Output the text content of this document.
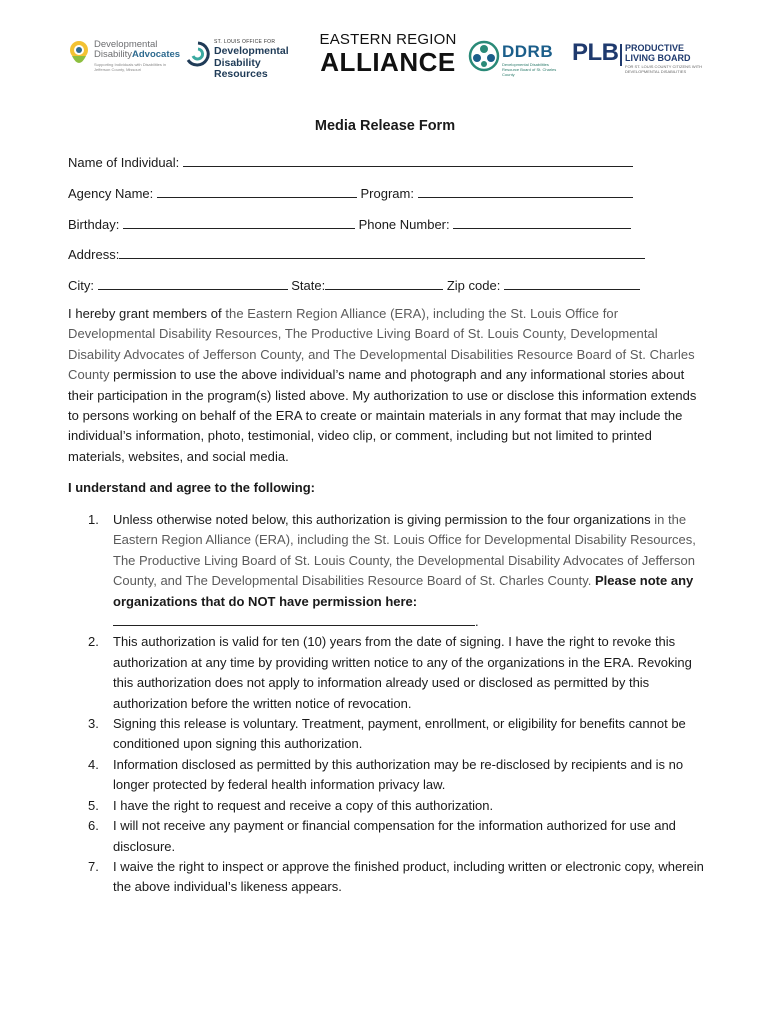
Developmental
DisabilityAdvocates
Supporting Individuals with Disabilities in Jefferson County, Missouri
ST. LOUIS OFFICE FOR
Developmental
Disability Resources
EASTERN REGION
ALLIANCE	DDRB
Developmental Disabilities Resource Board of St. Charles County
PLB PRODUCTIVE
LIVING BOARD
FOR ST. LOUIS COUNTY CITIZENS WITH DEVELOPMENTAL DISABILITIES
Media Release Form
Name of Individual:
Agency Name:	Program:
Birthday:	Phone Number:
Address:
City:	State:	Zip code:
I hereby grant members of the Eastern Region Alliance (ERA), including the St. Louis Office for Developmental Disability Resources, The Productive Living Board of St. Louis County, Developmental Disability Advocates of Jefferson County, and The Developmental Disabilities Resource Board of St. Charles County permission to use the above individual’s name and photograph and any informational stories about their participation in the program(s) listed above. My authorization to use or disclose this information extends to persons working on behalf of the ERA to create or maintain materials in any format that may include the individual’s information, photo, testimonial, video clip, or comment, including but not limited to printed materials, websites, and social media.
I understand and agree to the following:
1. Unless otherwise noted below, this authorization is giving permission to the four organizations in the Eastern Region Alliance (ERA), including the St. Louis Office for Developmental Disability Resources, The Productive Living Board of St. Louis County, the Developmental Disability Advocates of Jefferson County, and The Developmental Disabilities Resource Board of St. Charles County. Please note any organizations that do NOT have permission here:
.
2. This authorization is valid for ten (10) years from the date of signing. I have the right to revoke this authorization at any time by providing written notice to any of the organizations in the ERA. Revoking this authorization does not apply to information already used or disclosed as permitted by this authorization before the written notice of revocation.
3. Signing this release is voluntary. Treatment, payment, enrollment, or eligibility for benefits cannot be conditioned upon signing this authorization.
4. Information disclosed as permitted by this authorization may be re-disclosed by recipients and is no longer protected by federal health information privacy law.
5. I have the right to request and receive a copy of this authorization.
6. I will not receive any payment or financial compensation for the information authorized for use and disclosure.
7. I waive the right to inspect or approve the finished product, including written or electronic copy, wherein the above individual’s likeness appears.
